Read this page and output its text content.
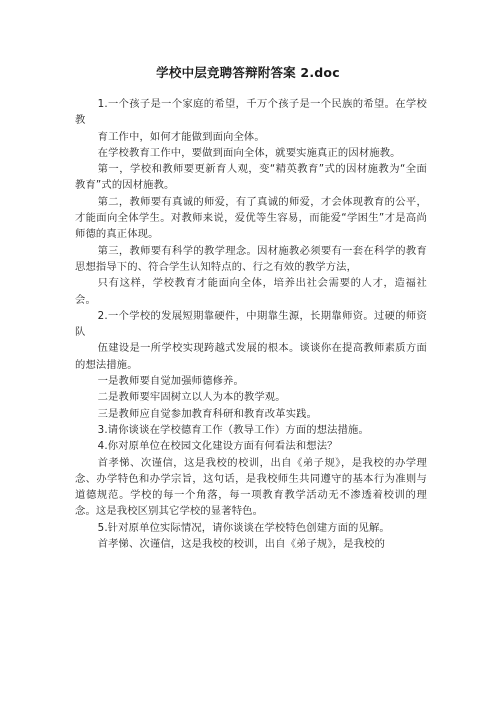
学校中层竞聘答辩附答案 2.doc

1.一个孩子是一个家庭的希望，千万个孩子是一个民族的希望。在学校教

育工作中，如何才能做到面向全体。

在学校教育工作中，要做到面向全体，就要实施真正的因材施教。

第一，学校和教师要更新育人观，变“精英教育”式的因材施教为“全面教育”式的因材施教。

第二，教师要有真诚的师爱，有了真诚的师爱，才会体现教育的公平，才能面向全体学生。对教师来说，爱优等生容易，而能爱“学困生”才是高尚师德的真正体现。

第三，教师要有科学的教学理念。因材施教必须要有一套在科学的教育思想指导下的、符合学生认知特点的、行之有效的教学方法，

只有这样，学校教育才能面向全体，培养出社会需要的人才，造福社会。

2.一个学校的发展短期靠硬件，中期靠生源，长期靠师资。过硬的师资队

伍建设是一所学校实现跨越式发展的根本。谈谈你在提高教师素质方面的想法措施。

一是教师要自觉加强师德修养。

二是教师要牢固树立以人为本的教学观。

三是教师应自觉参加教育科研和教育改革实践。

3.请你谈谈在学校德育工作（教导工作）方面的想法措施。

4.你对原单位在校园文化建设方面有何看法和想法？

首孝悌、次谨信，这是我校的校训，出自《弟子规》，是我校的办学理念、办学特色和办学宗旨，这句话，是我校师生共同遵守的基本行为准则与道德规范。学校的每一个角落，每一项教育教学活动无不渗透着校训的理念。这是我校区别其它学校的显著特色。

5.针对原单位实际情况，请你谈谈在学校特色创建方面的见解。

首孝悌、次谨信，这是我校的校训，出自《弟子规》，是我校的
